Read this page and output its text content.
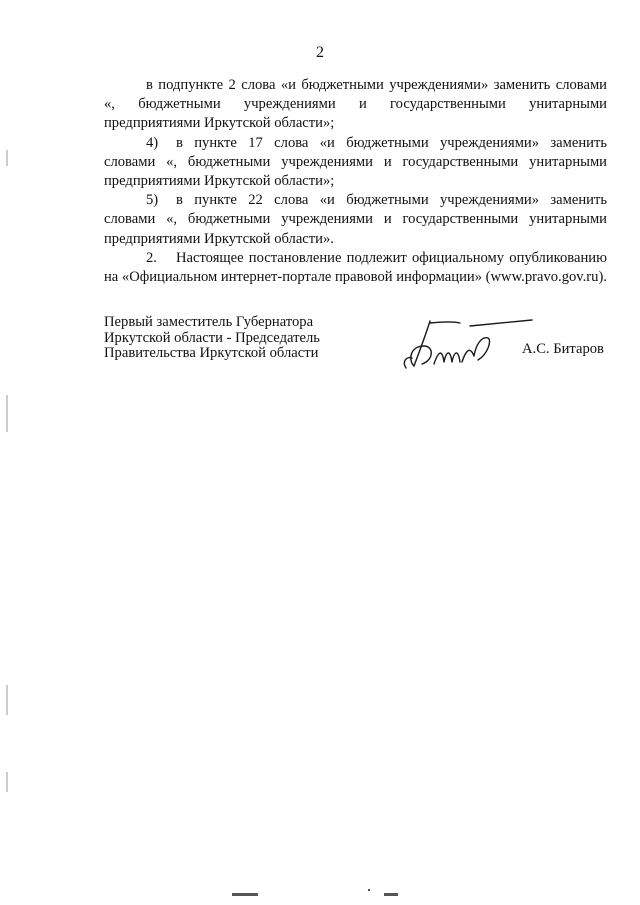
2

в подпункте 2 слова «и бюджетными учреждениями» заменить словами «, бюджетными учреждениями и государственными унитарными предприятиями Иркутской области»;

4) в пункте 17 слова «и бюджетными учреждениями» заменить словами «, бюджетными учреждениями и государственными унитарными предприятиями Иркутской области»;

5) в пункте 22 слова «и бюджетными учреждениями» заменить словами «, бюджетными учреждениями и государственными унитарными предприятиями Иркутской области».

2. Настоящее постановление подлежит официальному опубликованию на «Официальном интернет-портале правовой информации» (www.pravo.gov.ru).

Первый заместитель Губернатора
Иркутской области - Председатель
Правительства Иркутской области	А.С. Битаров
